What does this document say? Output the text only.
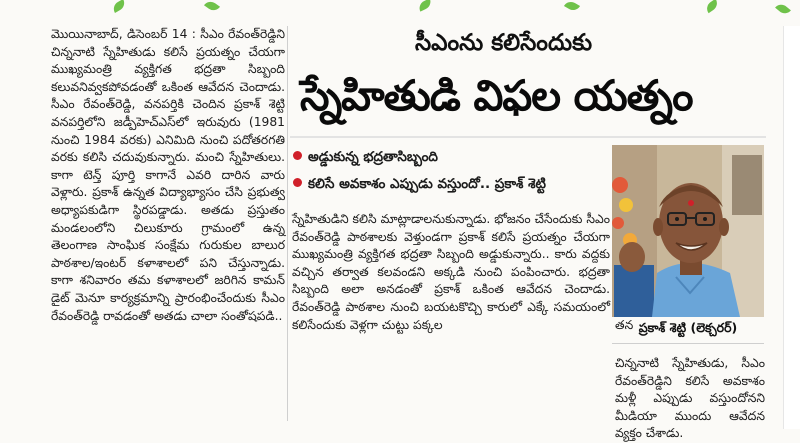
మొయినాబాద్‌, డిసెంబర్‌ 14 : సీఎం రేవంత్‌రెడ్డిని చిన్ననాటి స్నేహితుడు కలిసే ప్రయత్నం చేయగా ముఖ్యమంత్రి వ్యక్తిగత భద్రతా సిబ్బంది కలువనివ్వకపోవడంతో ఒకింత ఆవేదన చెందాడు. సీఎం రేవంత్‌రెడ్డి, వనపర్తికి చెందిన ప్రకాశ్‌ శెట్టి వనపర్తిలోని జడ్పీహెచ్‌ఎస్‌లో ఇరువురు (1981 నుంచి 1984 వరకు) ఎనిమిది నుంచి పదోతరగతి వరకు కలిసి చదువుకున్నారు. మంచి స్నేహితులు. కాగా టెన్త్‌ పూర్తి కాగానే ఎవరి దారిన వారు వెళ్లారు. ప్రకాశ్‌ ఉన్నత విద్యాభ్యాసం చేసి ప్రభుత్వ అధ్యాపకుడిగా స్థిరపడ్డాడు. అతడు ప్రస్తుతం మండలంలోని చిలుకూరు గ్రామంలో ఉన్న తెలంగాణ సాంఘిక సంక్షేమ గురుకుల బాలుర పాఠశాల/ఇంటర్‌ కళాశాలలో పని చేస్తున్నాడు. కాగా శనివారం తమ కళాశాలలో జరిగిన కామన్‌ డైట్‌ మెనూ కార్యక్రమాన్ని ప్రారంభించేందుకు సీఎం రేవంత్‌రెడ్డి రావడంతో అతడు చాలా సంతోషపడి..
సీఎంను కలిసేందుకు
స్నేహితుడి విఫల యత్నం
అడ్డుకున్న భద్రతాసిబ్బంది
కలిసే అవకాశం ఎప్పుడు వస్తుందో.. ప్రకాశ్‌ శెట్టి
స్నేహితుడిని కలిసి మాట్లాడాలనుకున్నాడు. భోజనం చేసేందుకు సీఎం రేవంత్‌రెడ్డి పాఠశాలకు వెళ్తుండగా ప్రకాశ్‌ కలిసే ప్రయత్నం చేయగా ముఖ్యమంత్రి వ్యక్తిగత భద్రతా సిబ్బంది అడ్డుకున్నారు.. కారు వద్దకు వచ్చిన తర్వాత కలవండని అక్కడి నుంచి పంపించారు. భద్రతా సిబ్బంది అలా అనడంతో ప్రకాశ్‌ ఒకింత ఆవేదన చెందాడు. రేవంత్‌రెడ్డి పాఠశాల నుంచి బయటకొచ్చి కారులో ఎక్కే సమయంలో కలిసేందుకు వెళ్లగా చుట్టు పక్కల	తన ప్రకాశ్‌ శెట్టి (లెక్చరర్‌)
చిన్ననాటి స్నేహితుడు, సీఎం రేవంత్‌రెడ్డిని కలిసే అవకాశం మళ్లీ ఎప్పుడు వస్తుందోనని మీడియా ముందు ఆవేదన వ్యక్తం చేశాడు.
